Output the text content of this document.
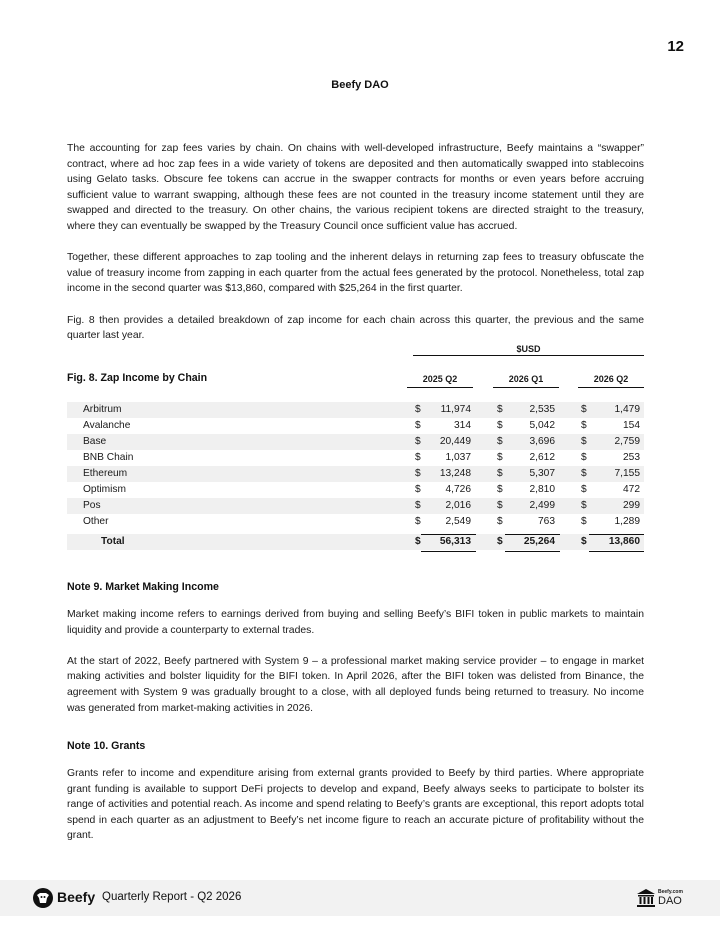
12
Beefy DAO

The accounting for zap fees varies by chain. On chains with well-developed infrastructure, Beefy maintains a “swapper” contract, where ad hoc zap fees in a wide variety of tokens are deposited and then automatically swapped into stablecoins using Gelato tasks. Obscure fee tokens can accrue in the swapper contracts for months or even years before accruing sufficient value to warrant swapping, although these fees are not counted in the treasury income statement until they are swapped and directed to the treasury. On other chains, the various recipient tokens are directed straight to the treasury, where they can eventually be swapped by the Treasury Council once sufficient value has accrued.

Together, these different approaches to zap tooling and the inherent delays in returning zap fees to treasury obfuscate the value of treasury income from zapping in each quarter from the actual fees generated by the protocol. Nonetheless, total zap income in the second quarter was $13,860, compared with $25,264 in the first quarter.

Fig. 8 then provides a detailed breakdown of zap income for each chain across this quarter, the previous and the same quarter last year.

$USD
Fig. 8. Zap Income by Chain	2025 Q2	2026 Q1	2026 Q2
Arbitrum	$	11,974	$	2,535	$	1,479
Avalanche	$	314	$	5,042	$	154
Base	$	20,449	$	3,696	$	2,759
BNB Chain	$	1,037	$	2,612	$	253
Ethereum	$	13,248	$	5,307	$	7,155
Optimism	$	4,726	$	2,810	$	472
Pos	$	2,016	$	2,499	$	299
Other	$	2,549	$	763	$	1,289
Total	$	56,313	$	25,264	$	13,860
Note 9. Market Making Income

Market making income refers to earnings derived from buying and selling Beefy’s BIFI token in public markets to maintain liquidity and provide a counterparty to external trades.

At the start of 2022, Beefy partnered with System 9 – a professional market making service provider – to engage in market making activities and bolster liquidity for the BIFI token. In April 2026, after the BIFI token was delisted from Binance, the agreement with System 9 was gradually brought to a close, with all deployed funds being returned to treasury. No income was generated from market-making activities in 2026.

Note 10. Grants

Grants refer to income and expenditure arising from external grants provided to Beefy by third parties. Where appropriate grant funding is available to support DeFi projects to develop and expand, Beefy always seeks to participate to bolster its range of activities and potential reach. As income and spend relating to Beefy’s grants are exceptional, this report adopts total spend in each quarter as an adjustment to Beefy’s net income figure to reach an accurate picture of profitability without the grant.

Beefy Quarterly Report - Q2 2026	Beefy.com
DAO
